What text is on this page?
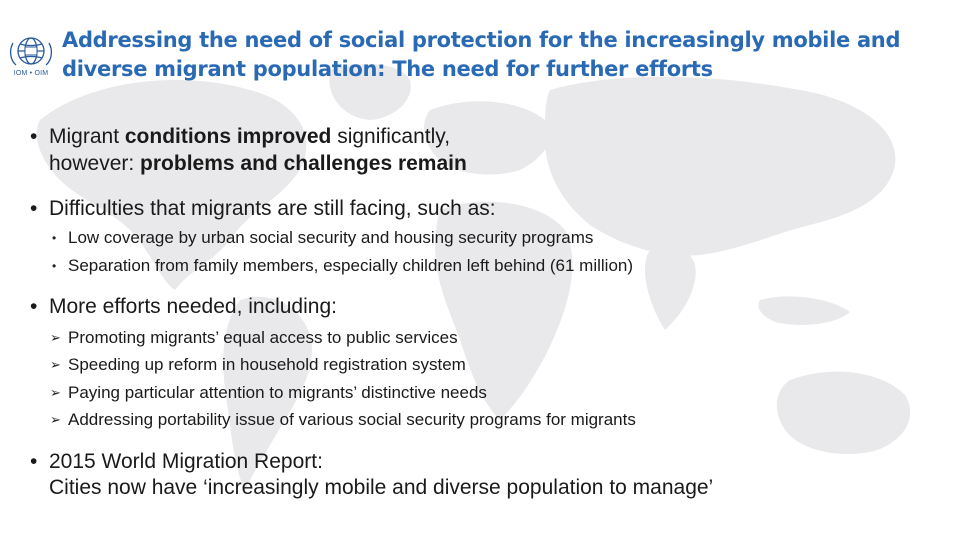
IOM • OIM
Addressing the need of social protection for the increasingly mobile and
diverse migrant population: The need for further efforts
• Migrant conditions improved significantly,
however: problems and challenges remain
• Difficulties that migrants are still facing, such as:
• Low coverage by urban social security and housing security programs
• Separation from family members, especially children left behind (61 million)
• More efforts needed, including:
➢ Promoting migrants’ equal access to public services
➢ Speeding up reform in household registration system
➢ Paying particular attention to migrants’ distinctive needs
➢ Addressing portability issue of various social security programs for migrants
• 2015 World Migration Report:
Cities now have ‘increasingly mobile and diverse population to manage’
